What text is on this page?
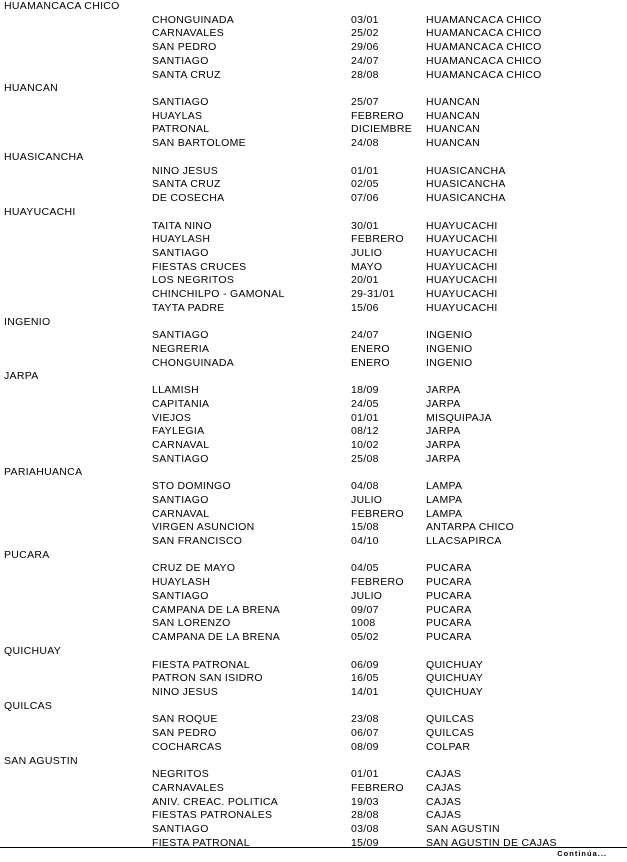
HUAMANCACA CHICO
CHONGUINADA	03/01	HUAMANCACA CHICO
CARNAVALES	25/02	HUAMANCACA CHICO
SAN PEDRO	29/06	HUAMANCACA CHICO
SANTIAGO	24/07	HUAMANCACA CHICO
SANTA CRUZ	28/08	HUAMANCACA CHICO
HUANCAN
SANTIAGO	25/07	HUANCAN
HUAYLAS	FEBRERO HUANCAN
PATRONAL	DICIEMBRE HUANCAN
SAN BARTOLOME	24/08	HUANCAN
HUASICANCHA
NINO JESUS	01/01	HUASICANCHA
SANTA CRUZ	02/05	HUASICANCHA
DE COSECHA	07/06	HUASICANCHA
HUAYUCACHI
TAITA NINO	30/01	HUAYUCACHI
HUAYLASH	FEBRERO HUAYUCACHI
SANTIAGO	JULIO	HUAYUCACHI
FIESTAS CRUCES	MAYO	HUAYUCACHI
LOS NEGRITOS	20/01	HUAYUCACHI
CHINCHILPO - GAMONAL	29-31/01	HUAYUCACHI
TAYTA PADRE	15/06	HUAYUCACHI
INGENIO
SANTIAGO	24/07	INGENIO
NEGRERIA	ENERO	INGENIO
CHONGUINADA	ENERO	INGENIO
JARPA
LLAMISH	18/09	JARPA
CAPITANIA	24/05	JARPA
VIEJOS	01/01	MISQUIPAJA
FAYLEGIA	08/12	JARPA
CARNAVAL	10/02	JARPA
SANTIAGO	25/08	JARPA
PARIAHUANCA
STO DOMINGO	04/08	LAMPA
SANTIAGO	JULIO	LAMPA
CARNAVAL	FEBRERO LAMPA
VIRGEN ASUNCION	15/08	ANTARPA CHICO
SAN FRANCISCO	04/10	LLACSAPIRCA
PUCARA
CRUZ DE MAYO	04/05	PUCARA
HUAYLASH	FEBRERO PUCARA
SANTIAGO	JULIO	PUCARA
CAMPANA DE LA BRENA	09/07	PUCARA
SAN LORENZO	1008	PUCARA
CAMPANA DE LA BRENA	05/02	PUCARA
QUICHUAY
FIESTA PATRONAL	06/09	QUICHUAY
PATRON SAN ISIDRO	16/05	QUICHUAY
NINO JESUS	14/01	QUICHUAY
QUILCAS
SAN ROQUE	23/08	QUILCAS
SAN PEDRO	06/07	QUILCAS
COCHARCAS	08/09	COLPAR
SAN AGUSTIN
NEGRITOS	01/01	CAJAS
CARNAVALES	FEBRERO CAJAS
ANIV. CREAC. POLITICA	19/03	CAJAS
FIESTAS PATRONALES	28/08	CAJAS
SANTIAGO	03/08	SAN AGUSTIN
FIESTA PATRONAL	15/09	SAN AGUSTIN DE CAJAS
Continúa...
